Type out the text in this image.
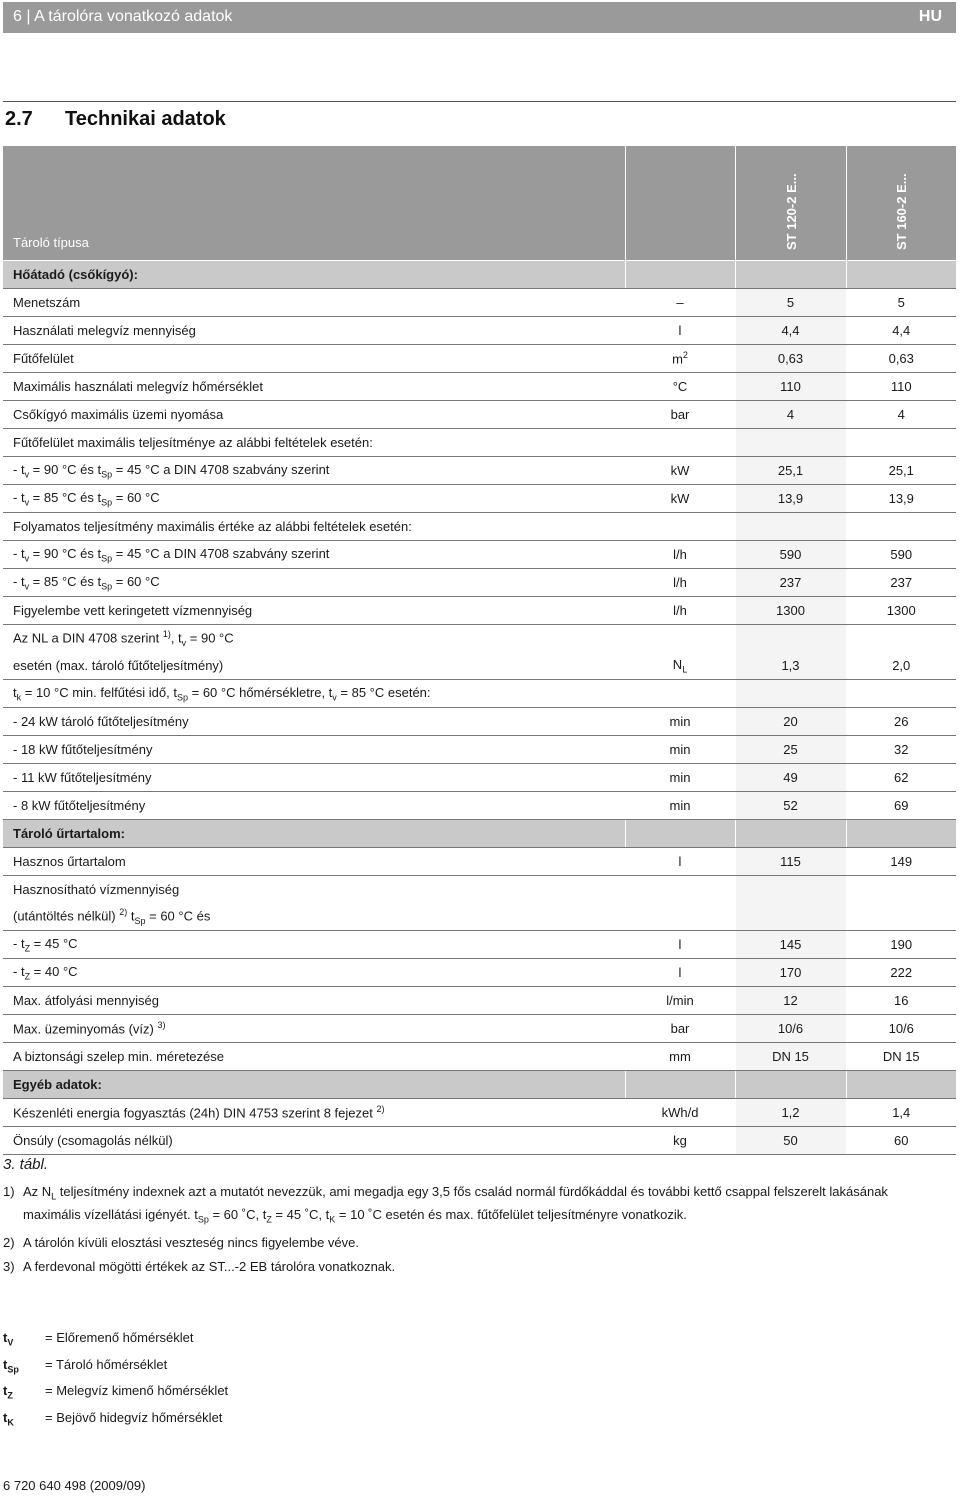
6 | A tárolóra vonatkozó adatok	HU
2.7 Technikai adatok
Tároló típusa		ST 120-2 E...	ST 160-2 E...

Hőátadó (csőkígyó):			
Menetszám	–	5	5
Használati melegvíz mennyiség	l	4,4	4,4
Fűtőfelület	$m^2$	0,63	0,63
Maximális használati melegvíz hőmérséklet	°C	110	110
Csőkígyó maximális üzemi nyomása	bar	4	4
Fűtőfelület maximális teljesítménye az alábbi feltételek esetén:			
- $t_v = 90$ °C és $t_{Sp} = 45$ °C a DIN 4708 szabvány szerint	kW	25,1	25,1
- $t_v = 85$ °C és $t_{Sp} = 60$ °C	kW	13,9	13,9
Folyamatos teljesítmény maximális értéke az alábbi feltételek esetén:			
- $t_v = 90$ °C és $t_{Sp} = 45$ °C a DIN 4708 szabvány szerint	l/h	590	590
- $t_v = 85$ °C és $t_{Sp} = 60$ °C	l/h	237	237
Figyelembe vett keringetett vízmennyiség	l/h	1300	1300
Az NL a DIN 4708 szerint $^{1)}$, $t_v = 90$ °C			
esetén (max. tároló fűtőteljesítmény)	$N_L$	1,3	2,0
$t_k = 10$ °C min. felfűtési idő, $t_{Sp} = 60$ °C hőmérsékletre, $t_v = 85$ °C esetén:			
- 24 kW tároló fűtőteljesítmény	min	20	26
- 18 kW fűtőteljesítmény	min	25	32
- 11 kW fűtőteljesítmény	min	49	62
- 8 kW fűtőteljesítmény	min	52	69
Tároló űrtartalom:			
Hasznos űrtartalom	l	115	149
Hasznosítható vízmennyiség			
(utántöltés nélkül) $^{2)}$ $t_{Sp} = 60$ °C és			
- $t_Z = 45$ °C	l	145	190
- $t_Z = 40$ °C	l	170	222
Max. átfolyási mennyiség	l/min	12	16
Max. üzeminyomás (víz) $^{3)}$	bar	10/6	10/6
A biztonsági szelep min. méretezése	mm	DN 15	DN 15
Egyéb adatok:			
Készenléti energia fogyasztás (24h) DIN 4753 szerint 8 fejezet $^{2)}$	kWh/d	1,2	1,4
Önsúly (csomagolás nélkül)	kg	50	60
3. tábl.
1) Az $N_L$ teljesítmény indexnek azt a mutatót nevezzük, ami megadja egy 3,5 fős család normál fürdőkáddal és további kettő csappal felszerelt lakásának maximális vízellátási igényét. $t_{Sp} = 60$ ˚C, $t_Z = 45$ ˚C, $t_K = 10$ ˚C esetén és max. fűtőfelület teljesítményre vonatkozik.
2) A tárolón kívüli elosztási veszteség nincs figyelembe véve.
3) A ferdevonal mögötti értékek az ST...-2 EB tárolóra vonatkoznak.
$t_V$	= Előremenő hőmérséklet
$t_{Sp}$	= Tároló hőmérséklet
$t_Z$	= Melegvíz kimenő hőmérséklet
$t_K$	= Bejövő hidegvíz hőmérséklet
6 720 640 498 (2009/09)
